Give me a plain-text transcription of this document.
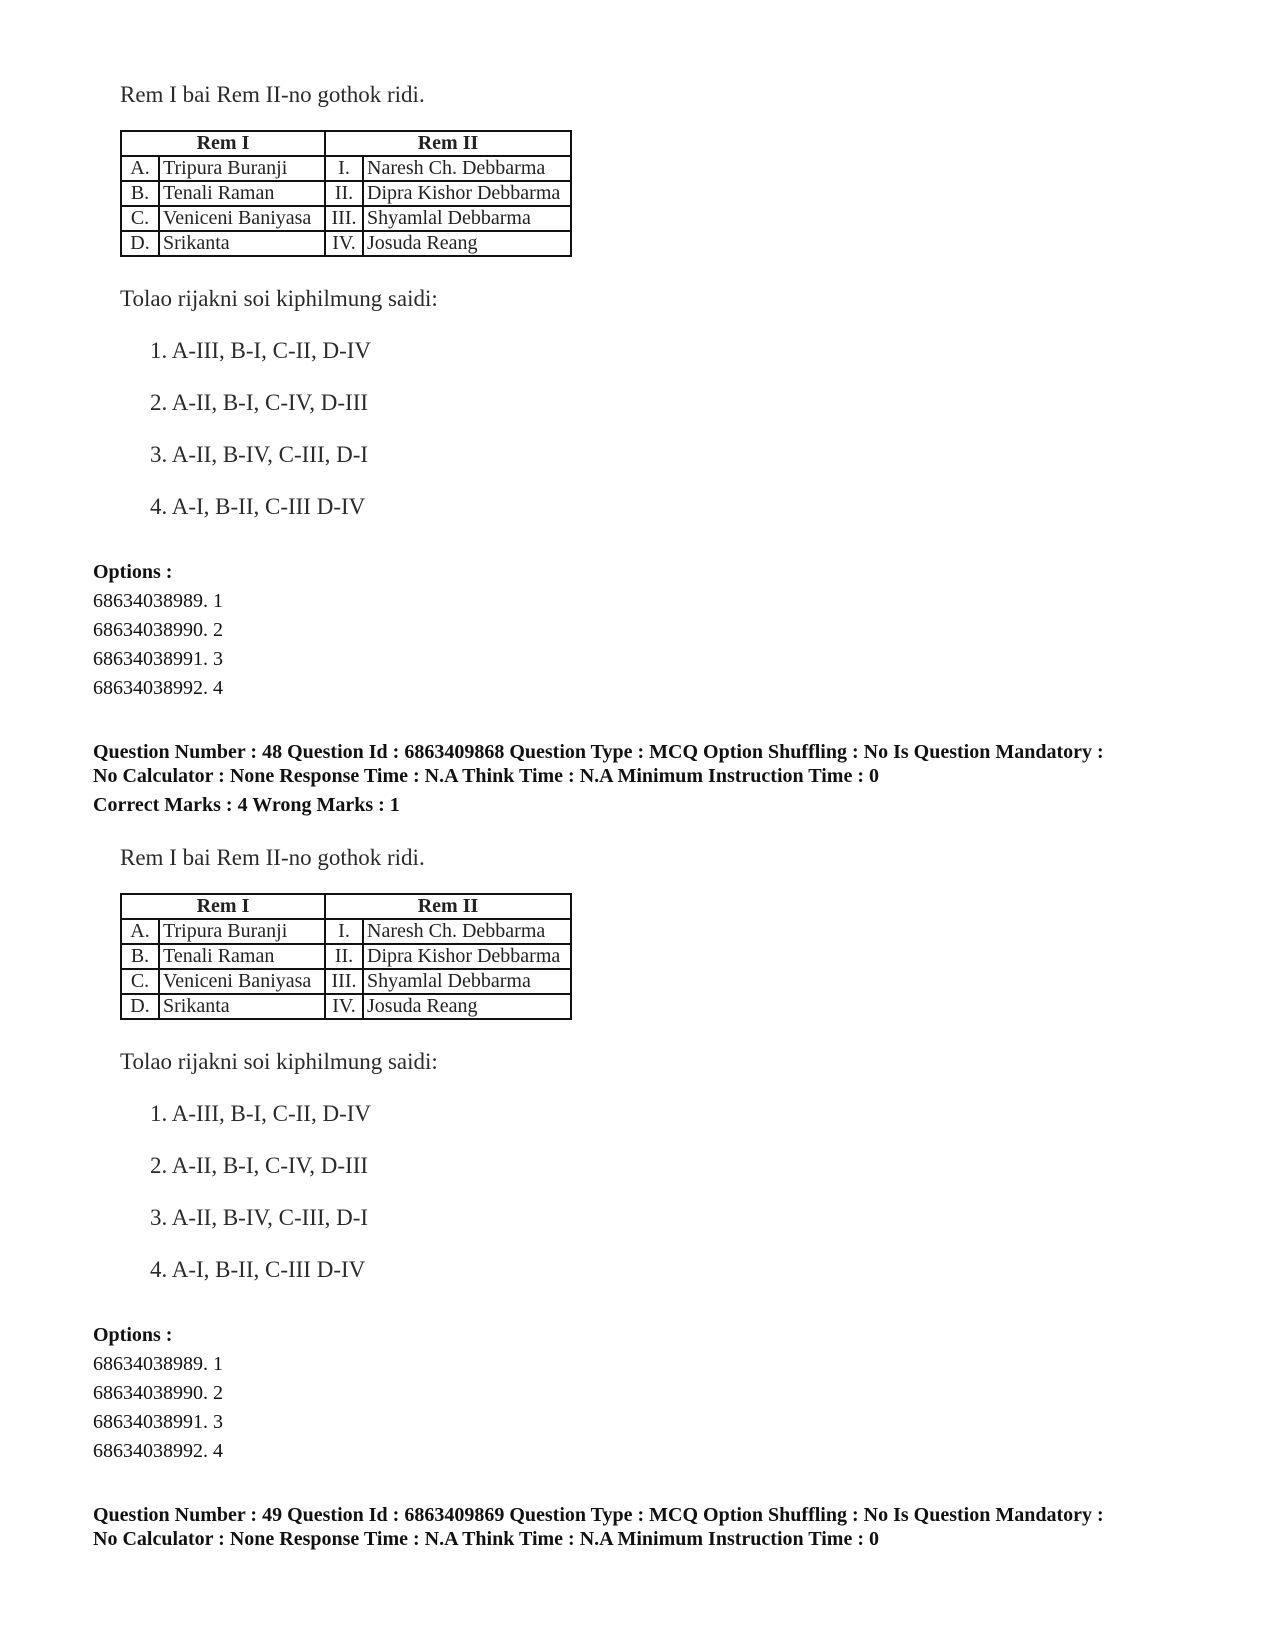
Rem I bai Rem II-no gothok ridi.
Rem I		Rem II	
A.	Tripura Buranji	I.	Naresh Ch. Debbarma
B.	Tenali Raman	II.	Dipra Kishor Debbarma
C.	Veniceni Baniyasa	III.	Shyamlal Debbarma
D.	Srikanta	IV.	Josuda Reang
Tolao rijakni soi kiphilmung saidi:
1. A-III, B-I, C-II, D-IV
2. A-II, B-I, C-IV, D-III
3. A-II, B-IV, C-III, D-I
4. A-I, B-II, C-III D-IV
Options :
68634038989. 1
68634038990. 2
68634038991. 3
68634038992. 4
Question Number : 48 Question Id : 6863409868 Question Type : MCQ Option Shuffling : No Is Question Mandatory :
No Calculator : None Response Time : N.A Think Time : N.A Minimum Instruction Time : 0
Correct Marks : 4 Wrong Marks : 1
Rem I bai Rem II-no gothok ridi.
Rem I		Rem II	
A.	Tripura Buranji	I.	Naresh Ch. Debbarma
B.	Tenali Raman	II.	Dipra Kishor Debbarma
C.	Veniceni Baniyasa	III.	Shyamlal Debbarma
D.	Srikanta	IV.	Josuda Reang
Tolao rijakni soi kiphilmung saidi:
1. A-III, B-I, C-II, D-IV
2. A-II, B-I, C-IV, D-III
3. A-II, B-IV, C-III, D-I
4. A-I, B-II, C-III D-IV
Options :
68634038989. 1
68634038990. 2
68634038991. 3
68634038992. 4
Question Number : 49 Question Id : 6863409869 Question Type : MCQ Option Shuffling : No Is Question Mandatory :
No Calculator : None Response Time : N.A Think Time : N.A Minimum Instruction Time : 0
